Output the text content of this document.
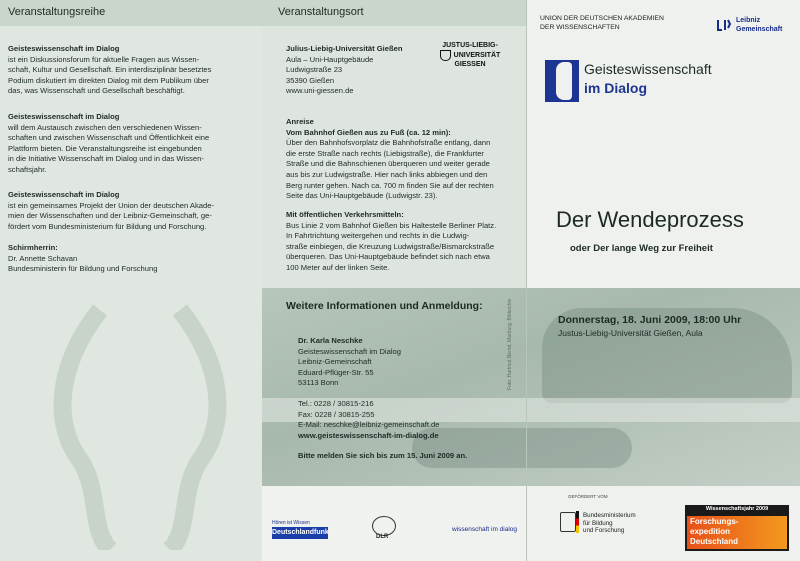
Veranstaltungsreihe
Geisteswissenschaft im Dialog
ist ein Diskussionsforum für aktuelle Fragen aus Wissen-
schaft, Kultur und Gesellschaft. Ein interdisziplinär besetztes
Podium diskutiert im direkten Dialog mit dem Publikum über
das, was Wissenschaft und Gesellschaft beschäftigt.
Geisteswissenschaft im Dialog
will dem Austausch zwischen den verschiedenen Wissen-
schaften und zwischen Wissenschaft und Öffentlichkeit eine
Plattform bieten. Die Veranstaltungsreihe ist eingebunden
in die Initiative Wissenschaft im Dialog und in das Wissen-
schaftsjahr.
Geisteswissenschaft im Dialog
ist ein gemeinsames Projekt der Union der deutschen Akade-
mien der Wissenschaften und der Leibniz-Gemeinschaft, ge-
fördert vom Bundesministerium für Bildung und Forschung.
Schirmherrin:
Dr. Annette Schavan
Bundesministerin für Bildung und Forschung
Veranstaltungsort
Julius-Liebig-Universität Gießen
Aula – Uni-Hauptgebäude
Ludwigstraße 23
35390 Gießen
www.uni-giessen.de
JUSTUS-LIEBIG-
UNIVERSITÄT
GIESSEN
Anreise
Vom Bahnhof Gießen aus zu Fuß (ca. 12 min):
Über den Bahnhofsvorplatz die Bahnhofstraße entlang, dann
die erste Straße nach rechts (Liebigstraße), die Frankfurter
Straße und die Bahnschienen überqueren und weiter gerade
aus bis zur Ludwigstraße. Hier nach links abbiegen und den
Berg runter gehen. Nach ca. 700 m finden Sie auf der rechten
Seite das Uni-Hauptgebäude (Ludwigstr. 23).
Mit öffentlichen Verkehrsmitteln:
Bus Linie 2 vom Bahnhof Gießen bis Haltestelle Berliner Platz.
In Fahrtrichtung weitergehen und rechts in die Ludwig-
straße einbiegen, die Kreuzung Ludwigstraße/Bismarckstraße
überqueren. Das Uni-Hauptgebäude befindet sich nach etwa
100 Meter auf der linken Seite.
Weitere Informationen und Anmeldung:
Dr. Karla Neschke
Geisteswissenschaft im Dialog
Leibniz-Gemeinschaft
Eduard-Pflüger-Str. 55
53113 Bonn
Tel.: 0228 / 30815-216
Fax: 0228 / 30815-255
E-Mail: neschke@leibniz-gemeinschaft.de
www.geisteswissenschaft-im-dialog.de
Bitte melden Sie sich bis zum 15. Juni 2009 an.
Foto: Hartmut Bernd, Marburg, Bildarchiv
Hören ist Wissen
Deutschlandfunk
DLR
wissenschaft im dialog
UNION DER DEUTSCHEN AKADEMIEN
DER WISSENSCHAFTEN
Leibniz
Gemeinschaft
Geisteswissenschaft
im Dialog
Der Wendeprozess
oder Der lange Weg zur Freiheit
Donnerstag, 18. Juni 2009, 18:00 Uhr
Justus-Liebig-Universität Gießen, Aula
GEFÖRDERT VOM
Bundesministerium
für Bildung
und Forschung
Wissenschaftsjahr 2009
Forschungs-
expedition
Deutschland
